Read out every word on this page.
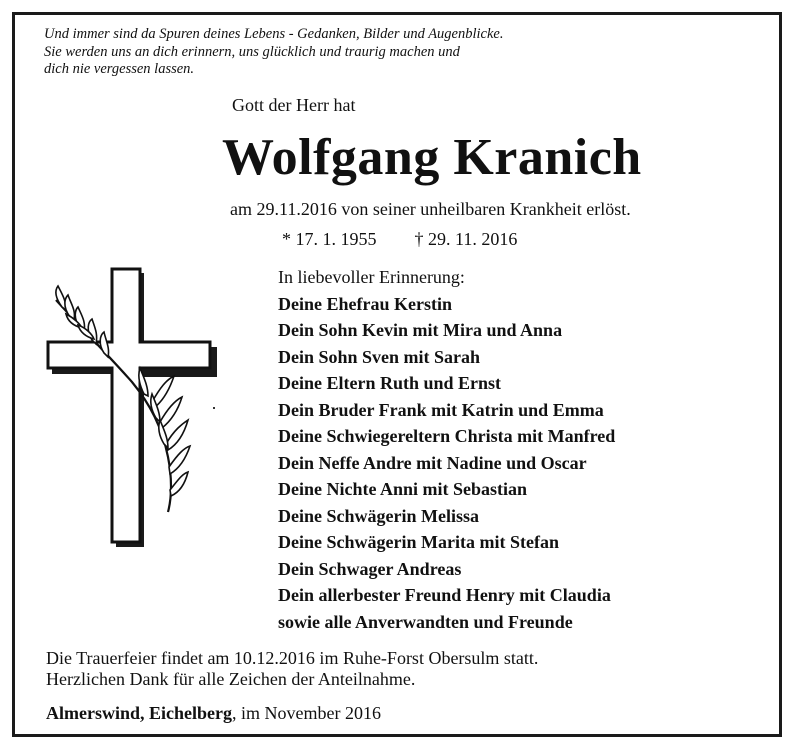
Und immer sind da Spuren deines Lebens - Gedanken, Bilder und Augenblicke.
Sie werden uns an dich erinnern, uns glücklich und traurig machen und
dich nie vergessen lassen.
Gott der Herr hat
Wolfgang Kranich
am 29.11.2016 von seiner unheilbaren Krankheit erlöst.
* 17. 1. 1955 † 29. 11. 2016
In liebevoller Erinnerung:
Deine Ehefrau Kerstin
Dein Sohn Kevin mit Mira und Anna
Dein Sohn Sven mit Sarah
Deine Eltern Ruth und Ernst
Dein Bruder Frank mit Katrin und Emma
Deine Schwiegereltern Christa mit Manfred
Dein Neffe Andre mit Nadine und Oscar
Deine Nichte Anni mit Sebastian
Deine Schwägerin Melissa
Deine Schwägerin Marita mit Stefan
Dein Schwager Andreas
Dein allerbester Freund Henry mit Claudia
sowie alle Anverwandten und Freunde
Die Trauerfeier findet am 10.12.2016 im Ruhe-Forst Obersulm statt.
Herzlichen Dank für alle Zeichen der Anteilnahme.
Almerswind, Eichelberg, im November 2016
